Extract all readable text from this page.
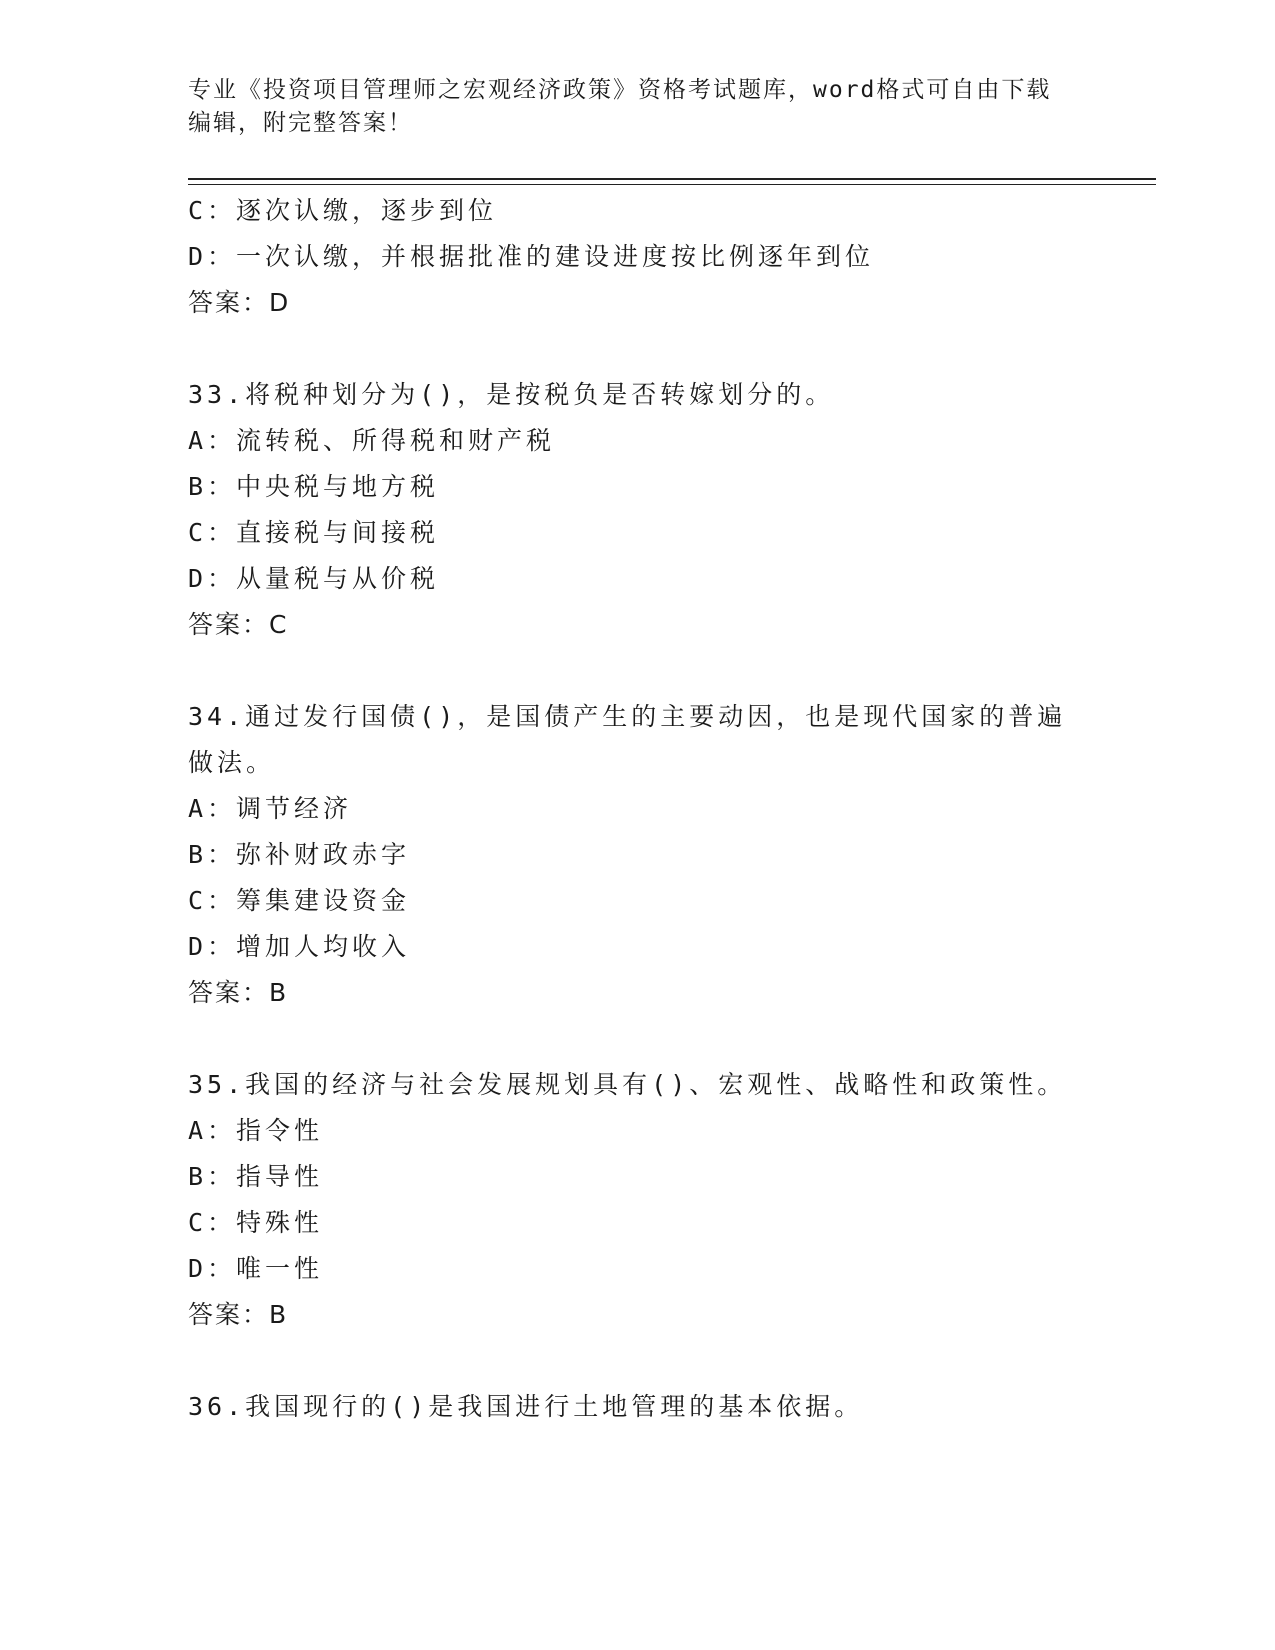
专业《投资项目管理师之宏观经济政策》资格考试题库，word格式可自由下载编辑，附完整答案！
C：逐次认缴，逐步到位
D：一次认缴，并根据批准的建设进度按比例逐年到位
答案：D
33.将税种划分为()，是按税负是否转嫁划分的。
A：流转税、所得税和财产税
B：中央税与地方税
C：直接税与间接税
D：从量税与从价税
答案：C
34.通过发行国债()，是国债产生的主要动因，也是现代国家的普遍做法。
A：调节经济
B：弥补财政赤字
C：筹集建设资金
D：增加人均收入
答案：B
35.我国的经济与社会发展规划具有()、宏观性、战略性和政策性。
A：指令性
B：指导性
C：特殊性
D：唯一性
答案：B
36.我国现行的()是我国进行土地管理的基本依据。
